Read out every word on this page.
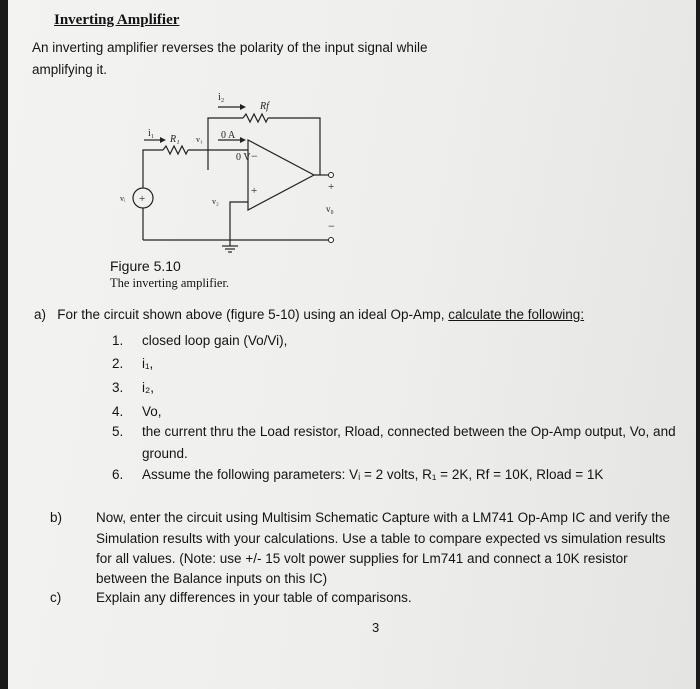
Inverting Amplifier
An inverting amplifier reverses the polarity of the input signal while
amplifying it.
i₂
Rf
i₁
R₁ v₁ 0 A
0 V −
+
v₂
vᵢ +
+
v₀
−
Figure 5.10
The inverting amplifier.
a) For the circuit shown above (figure 5-10) using an ideal Op-Amp, calculate the following:
1. closed loop gain (Vo/Vi),
2. i₁,
3. i₂,
4. Vo,
5. the current thru the Load resistor, Rload, connected between the Op-Amp output, Vo, and
ground.
6. Assume the following parameters: Vᵢ = 2 volts, R₁ = 2K, Rf = 10K, Rload = 1K
b)	Now, enter the circuit using Multisim Schematic Capture with a LM741 Op-Amp IC and verify the
Simulation results with your calculations. Use a table to compare expected vs simulation results
for all values. (Note: use +/- 15 volt power supplies for Lm741 and connect a 10K resistor
between the Balance inputs on this IC)
c)	Explain any differences in your table of comparisons.
3
